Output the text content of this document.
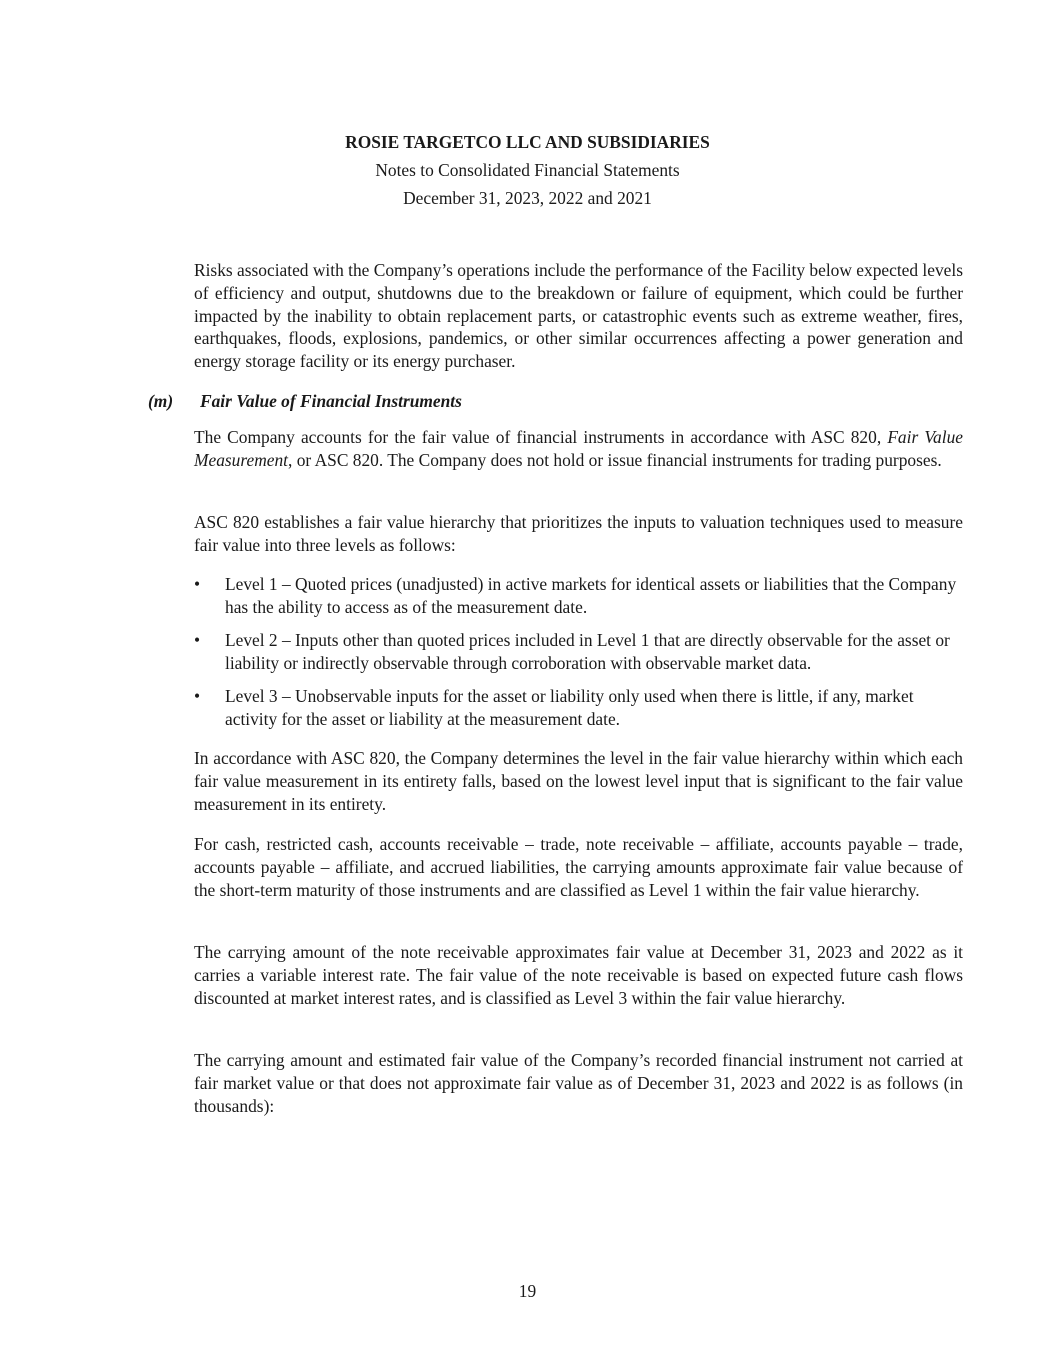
ROSIE TARGETCO LLC AND SUBSIDIARIES
Notes to Consolidated Financial Statements
December 31, 2023, 2022 and 2021

Risks associated with the Company’s operations include the performance of the Facility below expected levels of efficiency and output, shutdowns due to the breakdown or failure of equipment, which could be further impacted by the inability to obtain replacement parts, or catastrophic events such as extreme weather, fires, earthquakes, floods, explosions, pandemics, or other similar occurrences affecting a power generation and energy storage facility or its energy purchaser.

(m) Fair Value of Financial Instruments

The Company accounts for the fair value of financial instruments in accordance with ASC 820, Fair Value Measurement, or ASC 820. The Company does not hold or issue financial instruments for trading purposes.

ASC 820 establishes a fair value hierarchy that prioritizes the inputs to valuation techniques used to measure fair value into three levels as follows:

• Level 1 – Quoted prices (unadjusted) in active markets for identical assets or liabilities that the Company has the ability to access as of the measurement date.
• Level 2 – Inputs other than quoted prices included in Level 1 that are directly observable for the asset or liability or indirectly observable through corroboration with observable market data.
• Level 3 – Unobservable inputs for the asset or liability only used when there is little, if any, market activity for the asset or liability at the measurement date.

In accordance with ASC 820, the Company determines the level in the fair value hierarchy within which each fair value measurement in its entirety falls, based on the lowest level input that is significant to the fair value measurement in its entirety.

For cash, restricted cash, accounts receivable – trade, note receivable – affiliate, accounts payable – trade, accounts payable – affiliate, and accrued liabilities, the carrying amounts approximate fair value because of the short-term maturity of those instruments and are classified as Level 1 within the fair value hierarchy.

The carrying amount of the note receivable approximates fair value at December 31, 2023 and 2022 as it carries a variable interest rate. The fair value of the note receivable is based on expected future cash flows discounted at market interest rates, and is classified as Level 3 within the fair value hierarchy.

The carrying amount and estimated fair value of the Company’s recorded financial instrument not carried at fair market value or that does not approximate fair value as of December 31, 2023 and 2022 is as follows (in thousands):

19
